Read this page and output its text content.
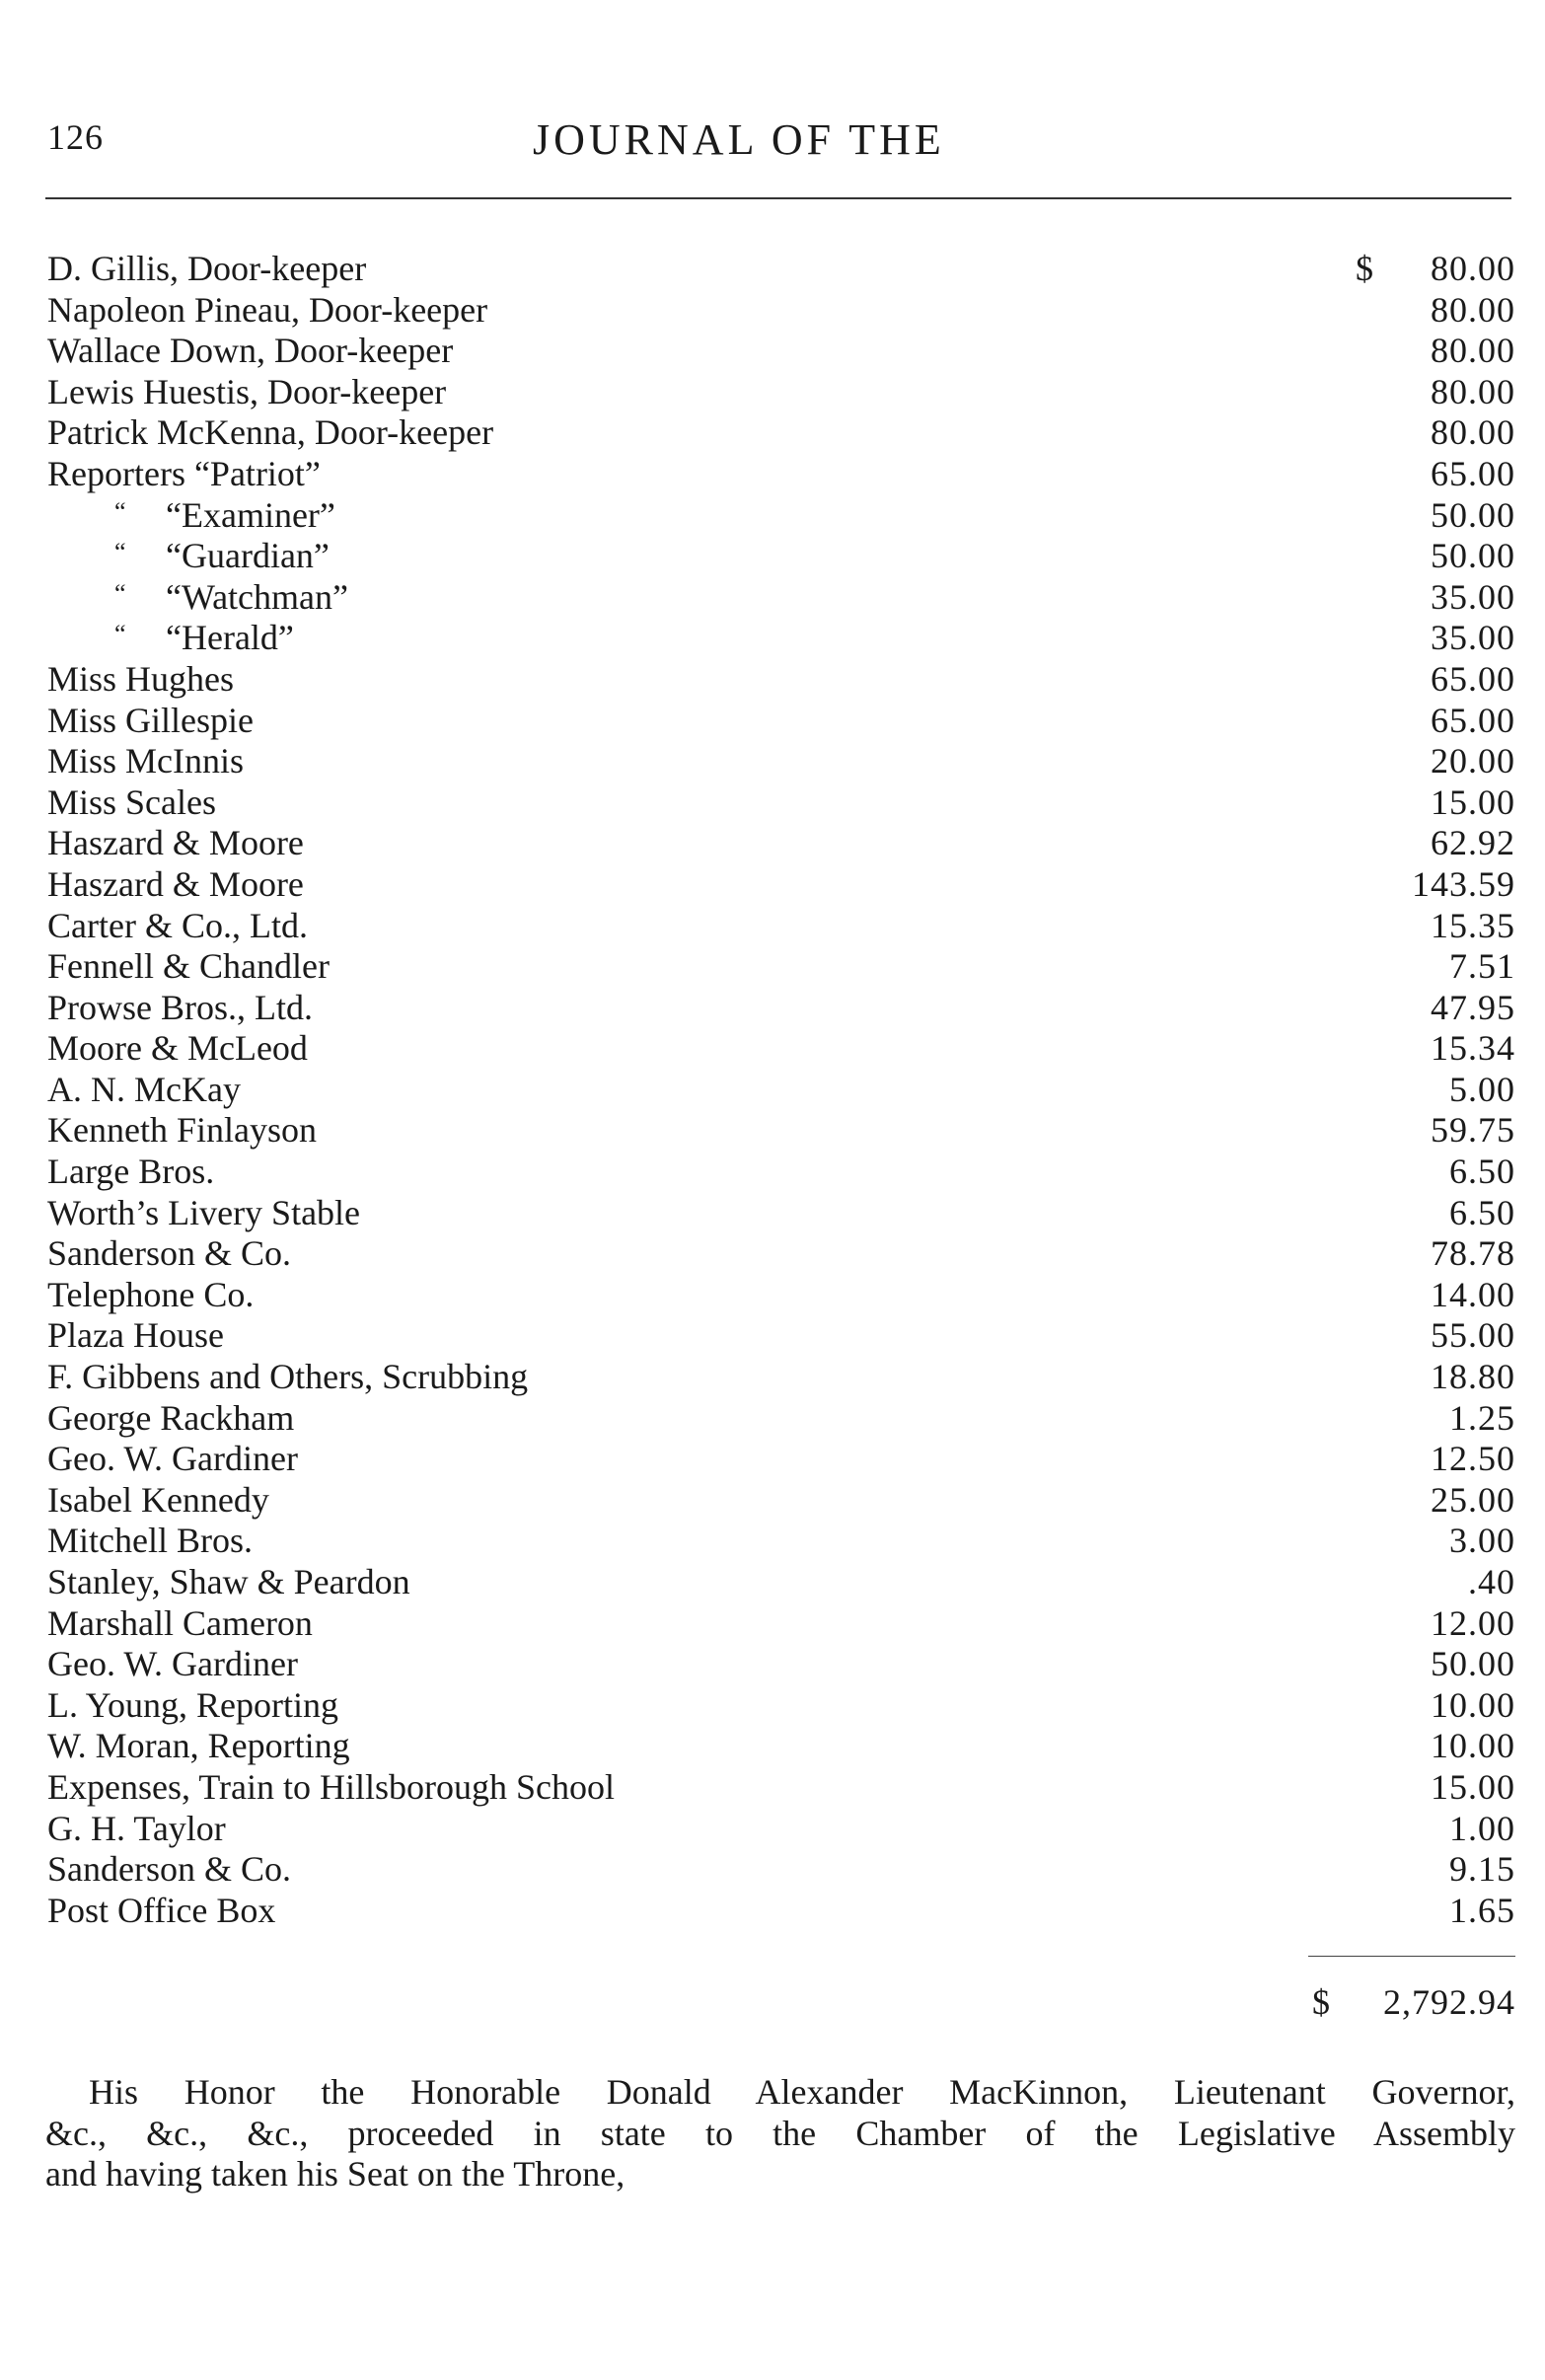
126	JOURNAL OF THE
D. Gillis, Door-keeper	$ 80.00
Napoleon Pineau, Door-keeper	80.00
Wallace Down, Door-keeper	80.00
Lewis Huestis, Door-keeper	80.00
Patrick McKenna, Door-keeper	80.00
Reporters “Patriot”	65.00
“ “Examiner”	50.00
“ “Guardian”	50.00
“ “Watchman”	35.00
“ “Herald”	35.00
Miss Hughes	65.00
Miss Gillespie	65.00
Miss McInnis	20.00
Miss Scales	15.00
Haszard & Moore	62.92
Haszard & Moore	143.59
Carter & Co., Ltd.	15.35
Fennell & Chandler	7.51
Prowse Bros., Ltd.	47.95
Moore & McLeod	15.34
A. N. McKay	5.00
Kenneth Finlayson	59.75
Large Bros.	6.50
Worth’s Livery Stable	6.50
Sanderson & Co.	78.78
Telephone Co.	14.00
Plaza House	55.00
F. Gibbens and Others, Scrubbing	18.80
George Rackham	1.25
Geo. W. Gardiner	12.50
Isabel Kennedy	25.00
Mitchell Bros.	3.00
Stanley, Shaw & Peardon	.40
Marshall Cameron	12.00
Geo. W. Gardiner	50.00
L. Young, Reporting	10.00
W. Moran, Reporting	10.00
Expenses, Train to Hillsborough School	15.00
G. H. Taylor	1.00
Sanderson & Co.	9.15
Post Office Box	1.65
$ 2,792.94
His Honor the Honorable Donald Alexander MacKinnon, Lieutenant Governor,
&c., &c., &c., proceeded in state to the Chamber of the Legislative Assembly
and having taken his Seat on the Throne,
